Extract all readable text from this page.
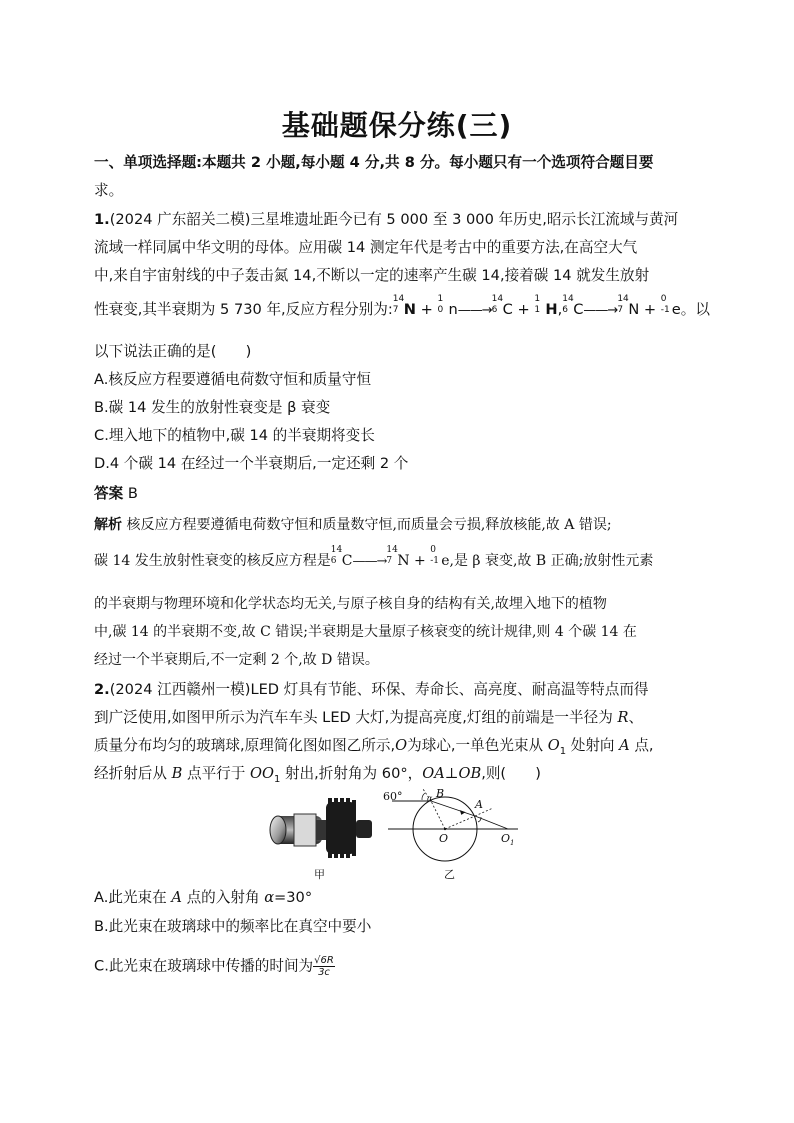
基础题保分练(三)
一、单项选择题:本题共 2 小题,每小题 4 分,共 8 分。每小题只有一个选项符合题目要
求。
1.(2024 广东韶关二模)三星堆遗址距今已有 5 000 至 3 000 年历史,昭示长江流域与黄河
流域一样同属中华文明的母体。应用碳 14 测定年代是考古中的重要方法,在高空大气
中,来自宇宙射线的中子轰击氮 14,不断以一定的速率产生碳 14,接着碳 14 就发生放射
性衰变,其半衰期为 5 730 年,反应方程分别为:
14
7 N +
1
0 n——→
14
6 C +
1
1 H,
14
6 C——→
14
7 N +
0
-1 e。以
以下说法正确的是(　　)
A.核反应方程要遵循电荷数守恒和质量守恒
B.碳 14 发生的放射性衰变是 β 衰变
C.埋入地下的植物中,碳 14 的半衰期将变长
D.4 个碳 14 在经过一个半衰期后,一定还剩 2 个
答案 B
解析 核反应方程要遵循电荷数守恒和质量数守恒,而质量会亏损,释放核能,故 A 错误;
碳 14 发生放射性衰变的核反应方程是
14
6 C——→
14
7 N +
0
-1 e,是 β 衰变,故 B 正确;放射性元素
的半衰期与物理环境和化学状态均无关,与原子核自身的结构有关,故埋入地下的植物
中,碳 14 的半衰期不变,故 C 错误;半衰期是大量原子核衰变的统计规律,则 4 个碳 14 在
经过一个半衰期后,不一定剩 2 个,故 D 错误。
2.(2024 江西赣州一模)LED 灯具有节能、环保、寿命长、高亮度、耐高温等特点而得
到广泛使用,如图甲所示为汽车车头 LED 大灯,为提高亮度,灯组的前端是一半径为 R、
质量分布均匀的玻璃球,原理简化图如图乙所示,O为球心,一单色光束从 $O_1$ 处射向 A 点,
经折射后从 B 点平行于 $OO_1$ 射出,折射角为 60°，OA⊥OB,则(　　)
甲
60°	α B
A
O	$O_1$
乙
A.此光束在 A 点的入射角 α=30°
B.此光束在玻璃球中的频率比在真空中要小
C.此光束在玻璃球中传播的时间为 $\frac{√6R}{3c}$
